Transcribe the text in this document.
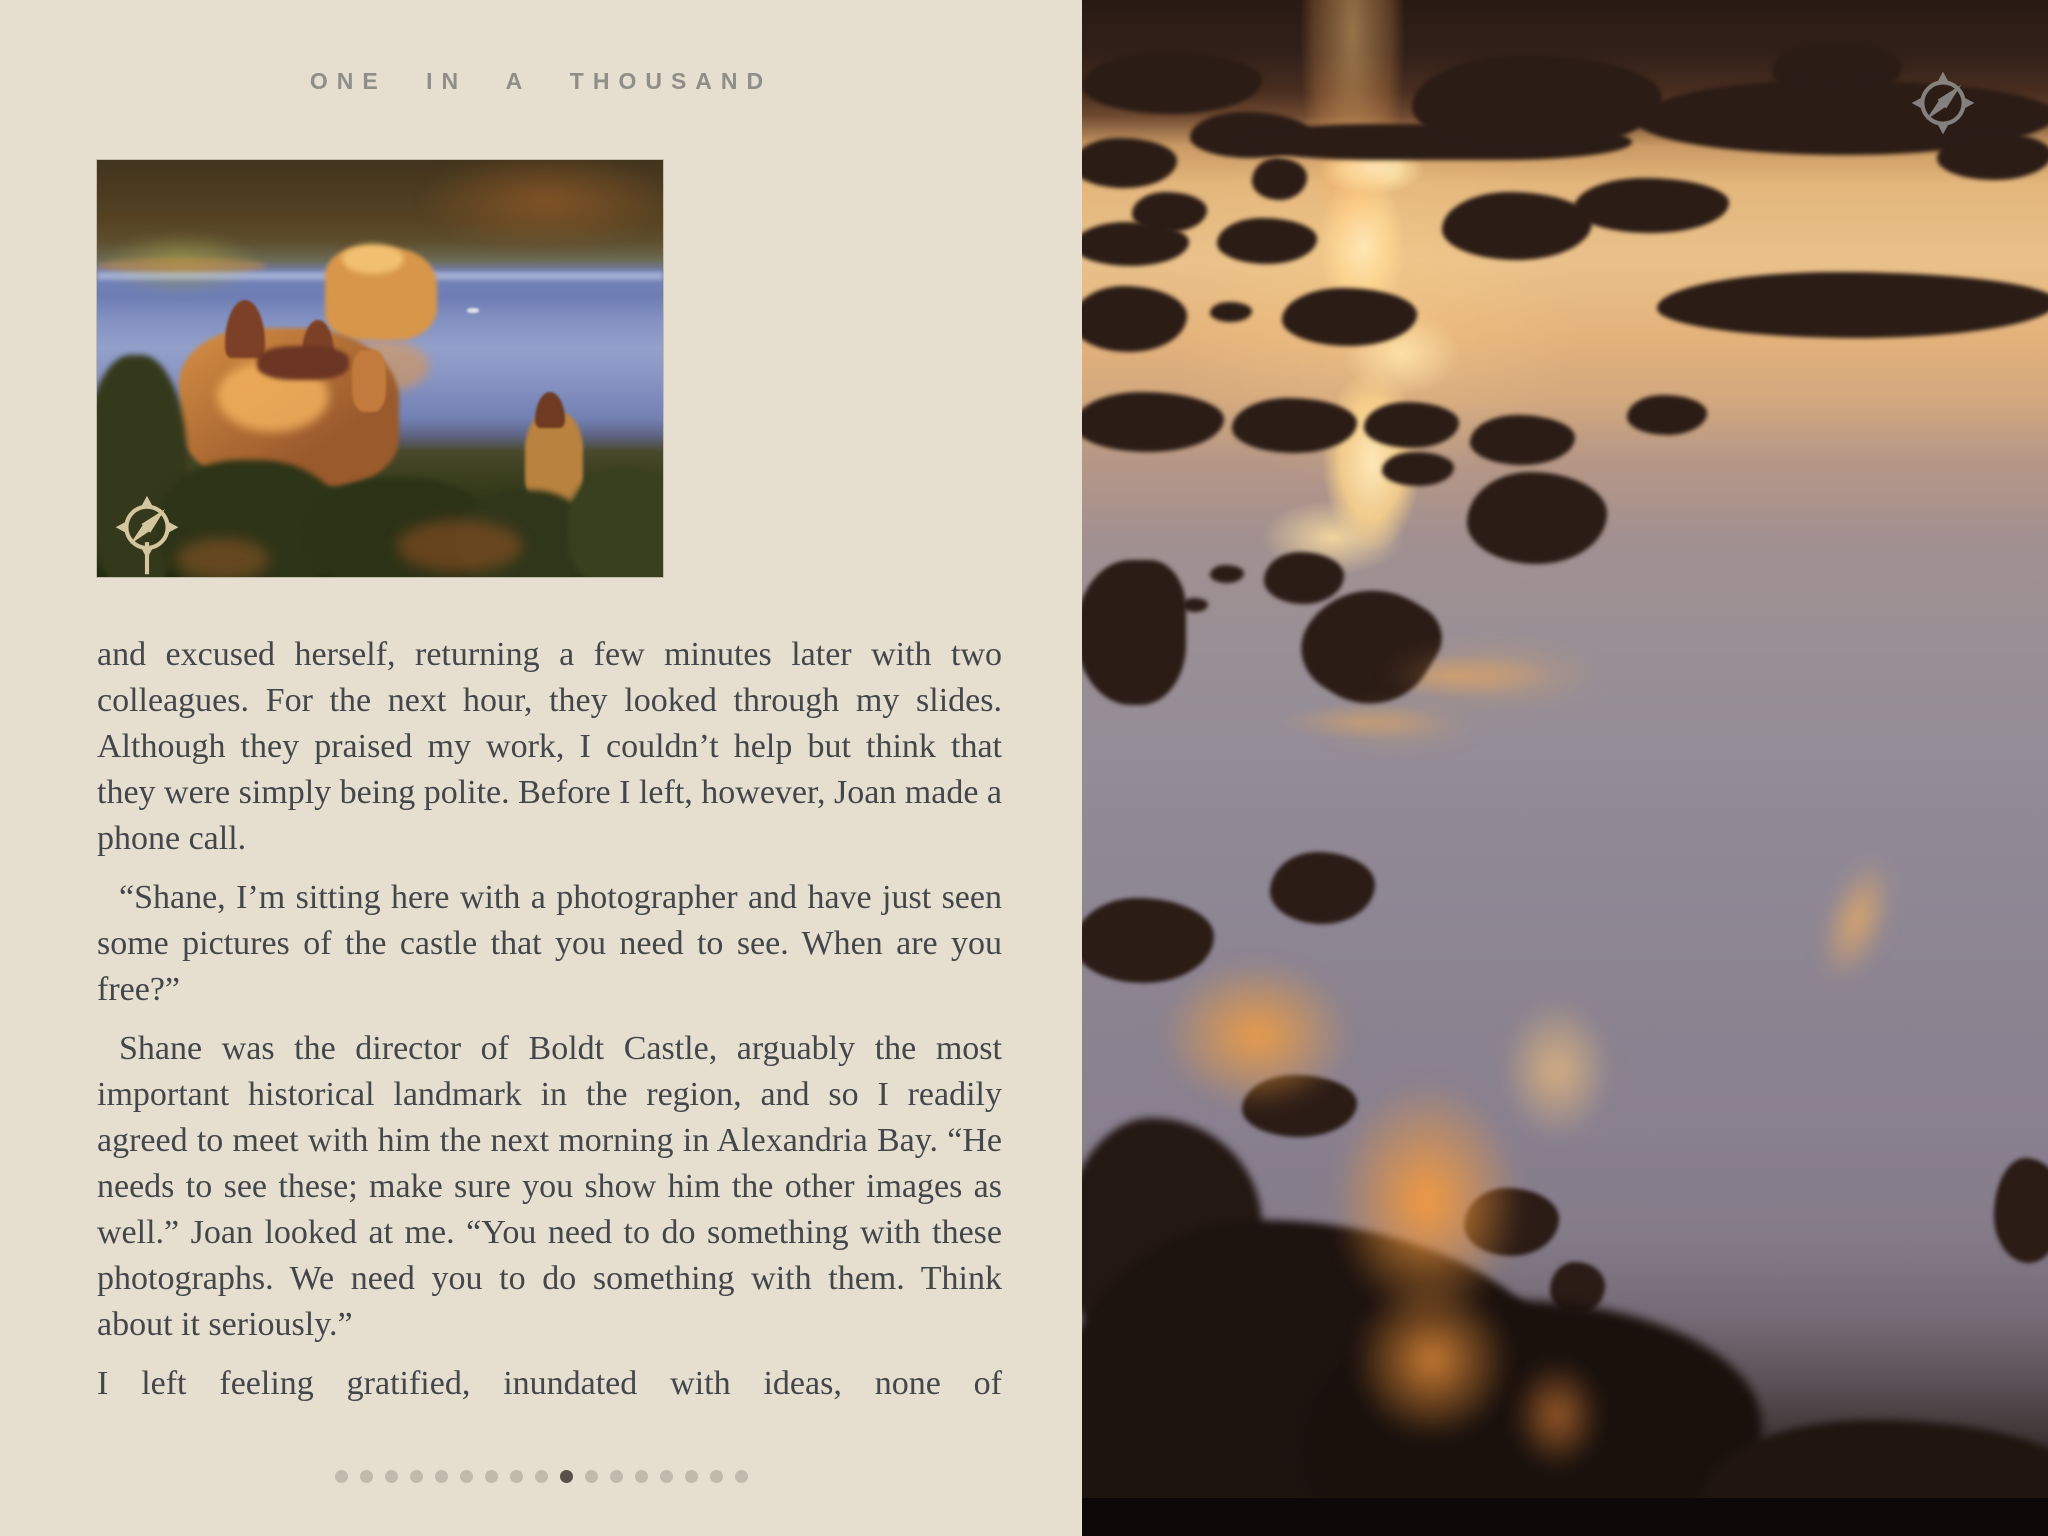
ONE IN A THOUSAND

and excused herself, returning a few minutes later with two colleagues. For the next hour, they looked through my slides. Although they praised my work, I couldn’t help but think that they were simply being polite. Before I left, however, Joan made a phone call.

“Shane, I’m sitting here with a photographer and have just seen some pictures of the castle that you need to see. When are you free?”

Shane was the director of Boldt Castle, arguably the most important historical landmark in the region, and so I readily agreed to meet with him the next morning in Alexandria Bay. “He needs to see these; make sure you show him the other images as well.” Joan looked at me. “You need to do something with these photographs. We need you to do something with them. Think about it seriously.”

I left feeling gratified, inundated with ideas, none of
